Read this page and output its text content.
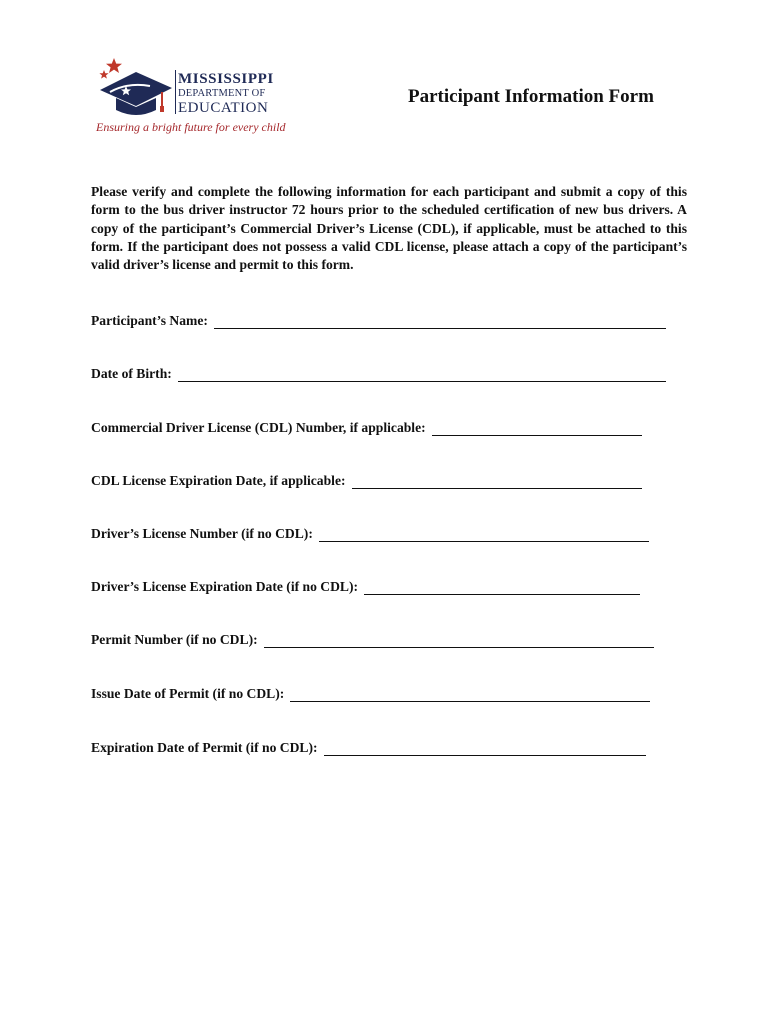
MISSISSIPPI
DEPARTMENT OF
EDUCATION
Ensuring a bright future for every child
Participant Information Form
Please verify and complete the following information for each participant and submit a copy of this form to the bus driver instructor 72 hours prior to the scheduled certification of new bus drivers. A copy of the participant’s Commercial Driver’s License (CDL), if applicable, must be attached to this form. If the participant does not possess a valid CDL license, please attach a copy of the participant’s valid driver’s license and permit to this form.
Participant’s Name:
Date of Birth:
Commercial Driver License (CDL) Number, if applicable:
CDL License Expiration Date, if applicable:
Driver’s License Number (if no CDL):
Driver’s License Expiration Date (if no CDL):
Permit Number (if no CDL):
Issue Date of Permit (if no CDL):
Expiration Date of Permit (if no CDL):
